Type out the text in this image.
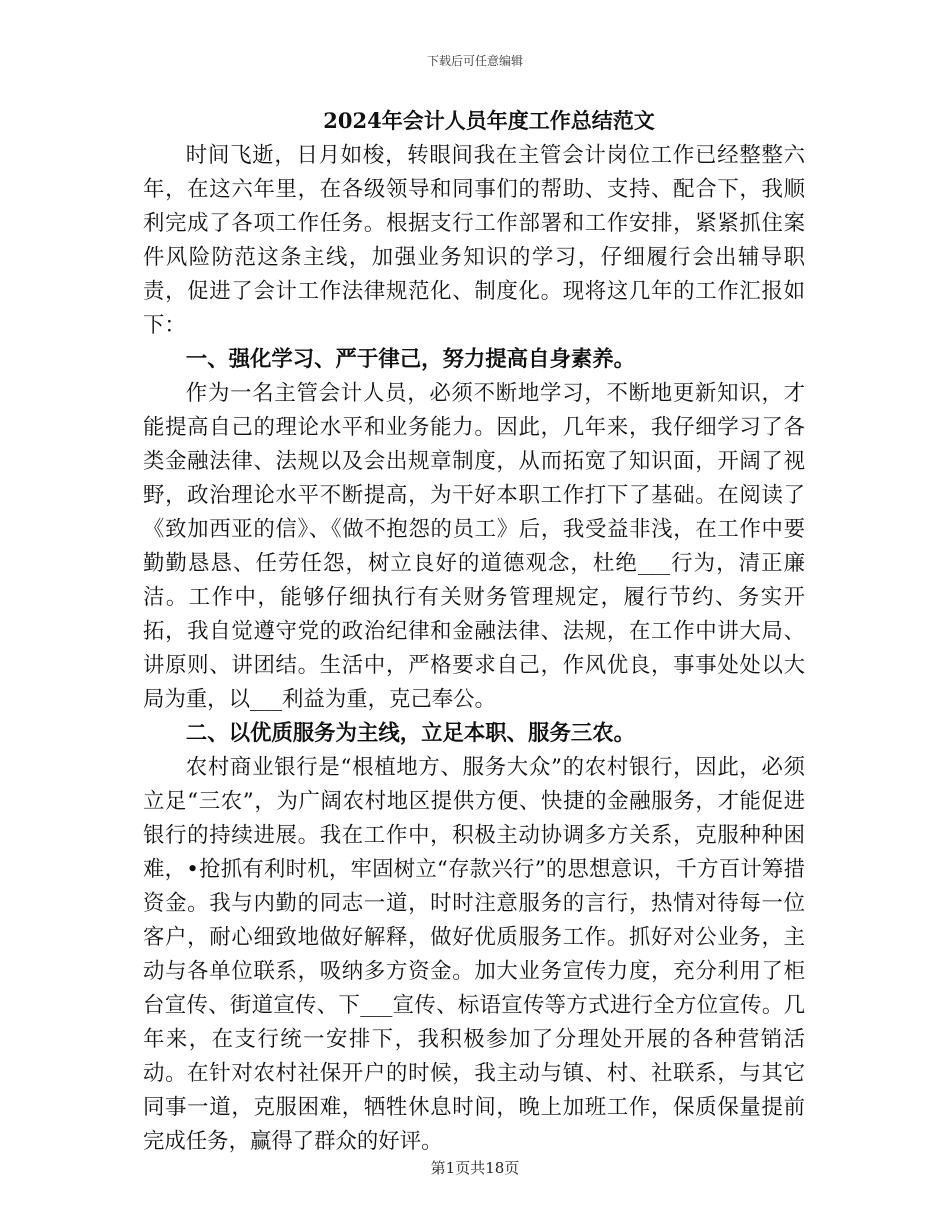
下载后可任意编辑

2024年会计人员年度工作总结范文

时间飞逝，日月如梭，转眼间我在主管会计岗位工作已经整整六年，在这六年里，在各级领导和同事们的帮助、支持、配合下，我顺利完成了各项工作任务。根据支行工作部署和工作安排，紧紧抓住案件风险防范这条主线，加强业务知识的学习，仔细履行会出辅导职责，促进了会计工作法律规范化、制度化。现将这几年的工作汇报如下：

一、强化学习、严于律己，努力提高自身素养。

作为一名主管会计人员，必须不断地学习，不断地更新知识，才能提高自己的理论水平和业务能力。因此，几年来，我仔细学习了各类金融法律、法规以及会出规章制度，从而拓宽了知识面，开阔了视野，政治理论水平不断提高，为干好本职工作打下了基础。在阅读了《致加西亚的信》、《做不抱怨的员工》后，我受益非浅，在工作中要勤勤恳恳、任劳任怨，树立良好的道德观念，杜绝___行为，清正廉洁。工作中，能够仔细执行有关财务管理规定，履行节约、务实开拓，我自觉遵守党的政治纪律和金融法律、法规，在工作中讲大局、讲原则、讲团结。生活中，严格要求自己，作风优良，事事处处以大局为重，以___利益为重，克己奉公。

二、以优质服务为主线，立足本职、服务三农。

农村商业银行是“根植地方、服务大众”的农村银行，因此，必须立足“三农”，为广阔农村地区提供方便、快捷的金融服务，才能促进银行的持续进展。我在工作中，积极主动协调多方关系，克服种种困难，•抢抓有利时机，牢固树立“存款兴行”的思想意识，千方百计筹措资金。我与内勤的同志一道，时时注意服务的言行，热情对待每一位客户，耐心细致地做好解释，做好优质服务工作。抓好对公业务，主动与各单位联系，吸纳多方资金。加大业务宣传力度，充分利用了柜台宣传、街道宣传、下___宣传、标语宣传等方式进行全方位宣传。几年来，在支行统一安排下，我积极参加了分理处开展的各种营销活动。在针对农村社保开户的时候，我主动与镇、村、社联系，与其它同事一道，克服困难，牺牲休息时间，晚上加班工作，保质保量提前完成任务，赢得了群众的好评。

第1页共18页
